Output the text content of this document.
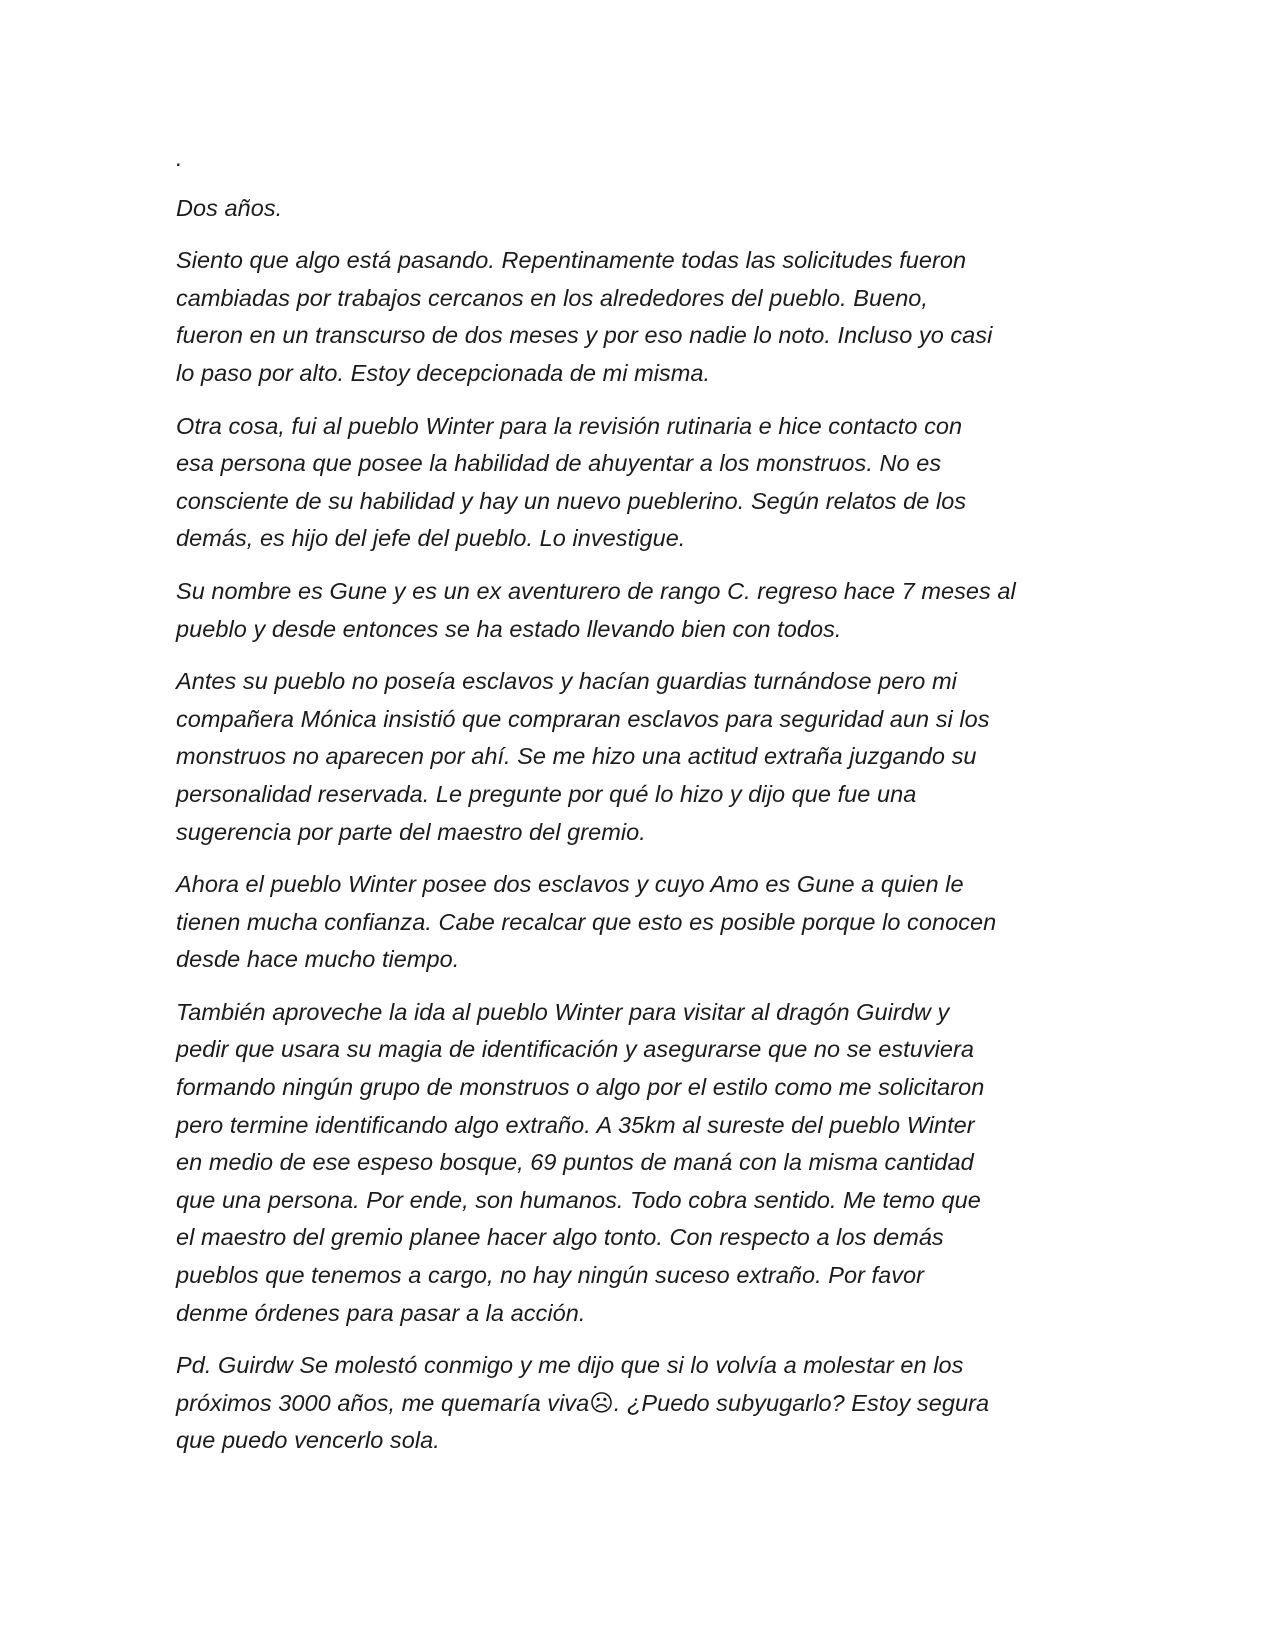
.

Dos años.

Siento que algo está pasando. Repentinamente todas las solicitudes fueron
cambiadas por trabajos cercanos en los alrededores del pueblo. Bueno,
fueron en un transcurso de dos meses y por eso nadie lo noto. Incluso yo casi
lo paso por alto. Estoy decepcionada de mi misma.

Otra cosa, fui al pueblo Winter para la revisión rutinaria e hice contacto con
esa persona que posee la habilidad de ahuyentar a los monstruos. No es
consciente de su habilidad y hay un nuevo pueblerino. Según relatos de los
demás, es hijo del jefe del pueblo. Lo investigue.

Su nombre es Gune y es un ex aventurero de rango C. regreso hace 7 meses al
pueblo y desde entonces se ha estado llevando bien con todos.

Antes su pueblo no poseía esclavos y hacían guardias turnándose pero mi
compañera Mónica insistió que compraran esclavos para seguridad aun si los
monstruos no aparecen por ahí. Se me hizo una actitud extraña juzgando su
personalidad reservada. Le pregunte por qué lo hizo y dijo que fue una
sugerencia por parte del maestro del gremio.

Ahora el pueblo Winter posee dos esclavos y cuyo Amo es Gune a quien le
tienen mucha confianza. Cabe recalcar que esto es posible porque lo conocen
desde hace mucho tiempo.

También aproveche la ida al pueblo Winter para visitar al dragón Guirdw y
pedir que usara su magia de identificación y asegurarse que no se estuviera
formando ningún grupo de monstruos o algo por el estilo como me solicitaron
pero termine identificando algo extraño. A 35km al sureste del pueblo Winter
en medio de ese espeso bosque, 69 puntos de maná con la misma cantidad
que una persona. Por ende, son humanos. Todo cobra sentido. Me temo que
el maestro del gremio planee hacer algo tonto. Con respecto a los demás
pueblos que tenemos a cargo, no hay ningún suceso extraño. Por favor
denme órdenes para pasar a la acción.

Pd. Guirdw Se molestó conmigo y me dijo que si lo volvía a molestar en los
próximos 3000 años, me quemaría viva☹. ¿Puedo subyugarlo? Estoy segura
que puedo vencerlo sola.
